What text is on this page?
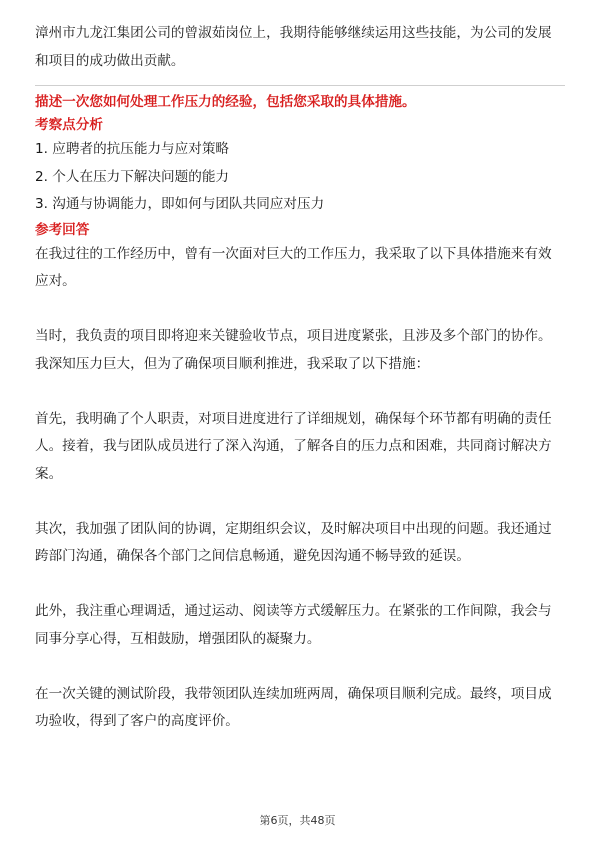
漳州市九龙江集团公司的曾淑茹岗位上，我期待能够继续运用这些技能，为公司的发展和项目的成功做出贡献。

描述一次您如何处理工作压力的经验，包括您采取的具体措施。

考察点分析

1. 应聘者的抗压能力与应对策略

2. 个人在压力下解决问题的能力

3. 沟通与协调能力，即如何与团队共同应对压力

参考回答

在我过往的工作经历中，曾有一次面对巨大的工作压力，我采取了以下具体措施来有效应对。

当时，我负责的项目即将迎来关键验收节点，项目进度紧张，且涉及多个部门的协作。我深知压力巨大，但为了确保项目顺利推进，我采取了以下措施：

首先，我明确了个人职责，对项目进度进行了详细规划，确保每个环节都有明确的责任人。接着，我与团队成员进行了深入沟通，了解各自的压力点和困难，共同商讨解决方案。

其次，我加强了团队间的协调，定期组织会议，及时解决项目中出现的问题。我还通过跨部门沟通，确保各个部门之间信息畅通，避免因沟通不畅导致的延误。

此外，我注重心理调适，通过运动、阅读等方式缓解压力。在紧张的工作间隙，我会与同事分享心得，互相鼓励，增强团队的凝聚力。

在一次关键的测试阶段，我带领团队连续加班两周，确保项目顺利完成。最终，项目成功验收，得到了客户的高度评价。

第6页，共48页
